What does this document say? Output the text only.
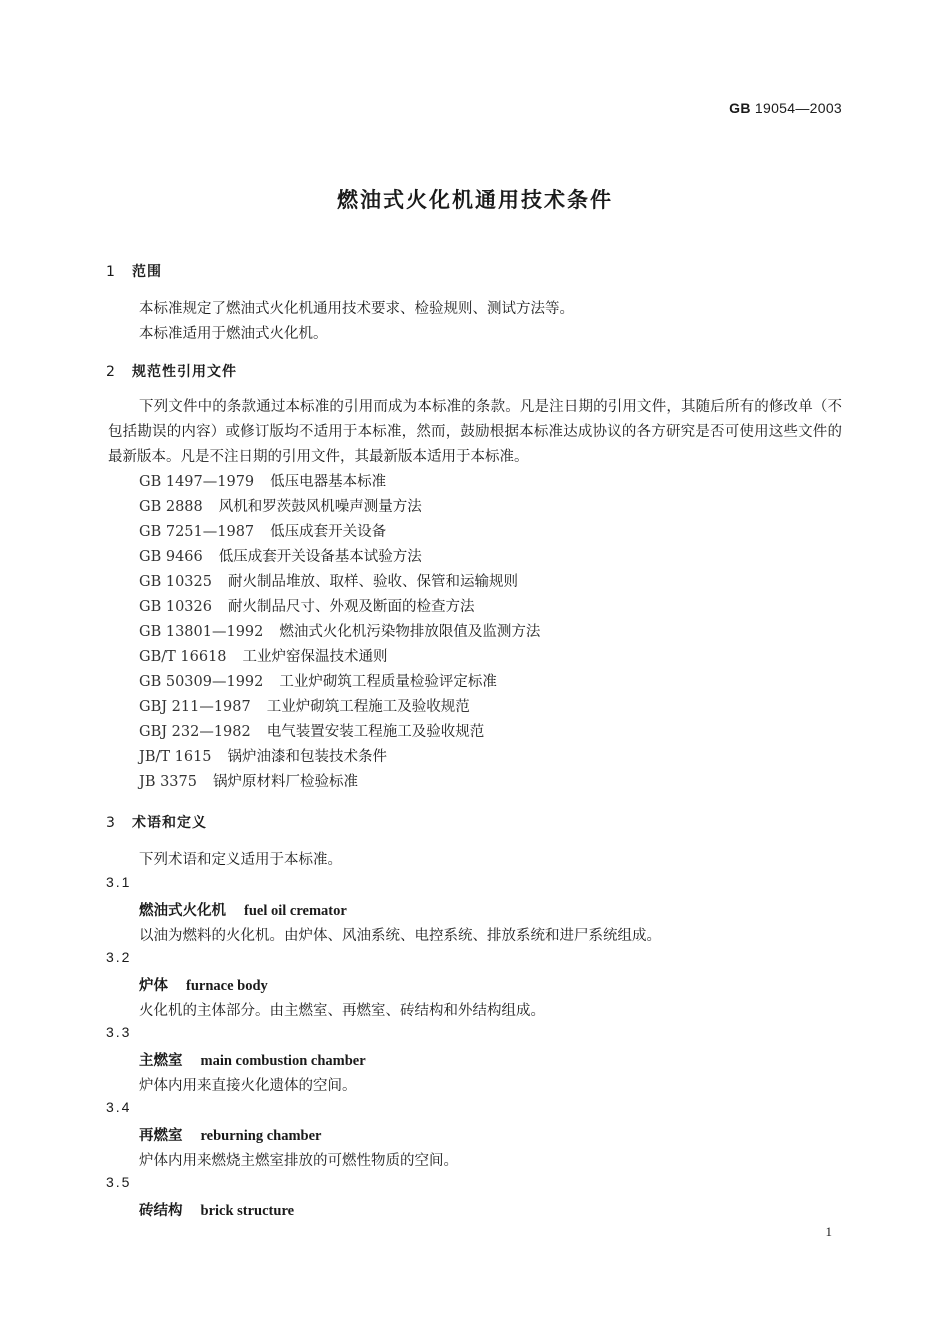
GB 19054—2003
燃油式火化机通用技术条件
1 范围
本标准规定了燃油式火化机通用技术要求、检验规则、测试方法等。
本标准适用于燃油式火化机。
2 规范性引用文件
下列文件中的条款通过本标准的引用而成为本标准的条款。凡是注日期的引用文件，其随后所有的修改单（不包括勘误的内容）或修订版均不适用于本标准，然而，鼓励根据本标准达成协议的各方研究是否可使用这些文件的最新版本。凡是不注日期的引用文件，其最新版本适用于本标准。
GB 1497—1979 低压电器基本标准
GB 2888 风机和罗茨鼓风机噪声测量方法
GB 7251—1987 低压成套开关设备
GB 9466 低压成套开关设备基本试验方法
GB 10325 耐火制品堆放、取样、验收、保管和运输规则
GB 10326 耐火制品尺寸、外观及断面的检查方法
GB 13801—1992 燃油式火化机污染物排放限值及监测方法
GB/T 16618 工业炉窑保温技术通则
GB 50309—1992 工业炉砌筑工程质量检验评定标准
GBJ 211—1987 工业炉砌筑工程施工及验收规范
GBJ 232—1982 电气装置安装工程施工及验收规范
JB/T 1615 锅炉油漆和包装技术条件
JB 3375 锅炉原材料厂检验标准
3 术语和定义
下列术语和定义适用于本标准。
3.1
燃油式火化机 fuel oil cremator
以油为燃料的火化机。由炉体、风油系统、电控系统、排放系统和进尸系统组成。
3.2
炉体 furnace body
火化机的主体部分。由主燃室、再燃室、砖结构和外结构组成。
3.3
主燃室 main combustion chamber
炉体内用来直接火化遗体的空间。
3.4
再燃室 reburning chamber
炉体内用来燃烧主燃室排放的可燃性物质的空间。
3.5
砖结构 brick structure
1
